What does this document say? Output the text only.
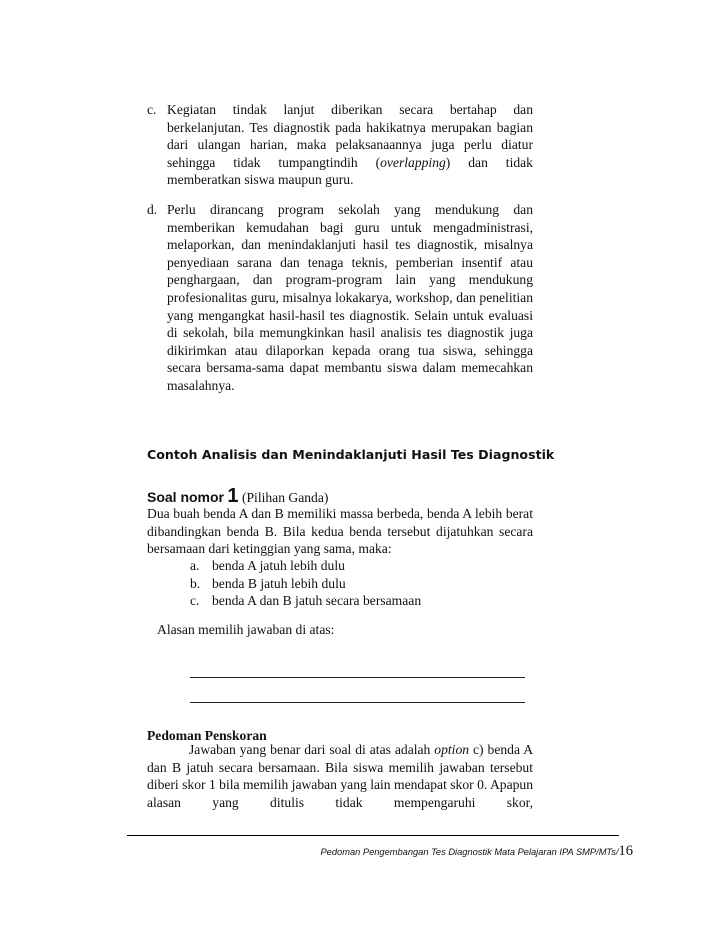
c. Kegiatan tindak lanjut diberikan secara bertahap dan berkelanjutan. Tes diagnostik pada hakikatnya merupakan bagian dari ulangan harian, maka pelaksanaannya juga perlu diatur sehingga tidak tumpangtindih (overlapping) dan tidak memberatkan siswa maupun guru.
d. Perlu dirancang program sekolah yang mendukung dan memberikan kemudahan bagi guru untuk mengadministrasi, melaporkan, dan menindaklanjuti hasil tes diagnostik, misalnya penyediaan sarana dan tenaga teknis, pemberian insentif atau penghargaan, dan program-program lain yang mendukung profesionalitas guru, misalnya lokakarya, workshop, dan penelitian yang mengangkat hasil-hasil tes diagnostik. Selain untuk evaluasi di sekolah, bila memungkinkan hasil analisis tes diagnostik juga dikirimkan atau dilaporkan kepada orang tua siswa, sehingga secara bersama-sama dapat membantu siswa dalam memecahkan masalahnya.
Contoh Analisis dan Menindaklanjuti Hasil Tes Diagnostik
Soal nomor 1 (Pilihan Ganda)
Dua buah benda A dan B memiliki massa berbeda, benda A lebih berat dibandingkan benda B. Bila kedua benda tersebut dijatuhkan secara bersamaan dari ketinggian yang sama, maka:
a. benda A jatuh lebih dulu
b. benda B jatuh lebih dulu
c. benda A dan B jatuh secara bersamaan
Alasan memilih jawaban di atas:
Pedoman Penskoran

Jawaban yang benar dari soal di atas adalah option c) benda A dan B jatuh secara bersamaan. Bila siswa memilih jawaban tersebut diberi skor 1 bila memilih jawaban yang lain mendapat skor 0. Apapun alasan yang ditulis tidak mempengaruhi skor,

Pedoman Pengembangan Tes Diagnostik Mata Pelajaran IPA SMP/MTs/16
